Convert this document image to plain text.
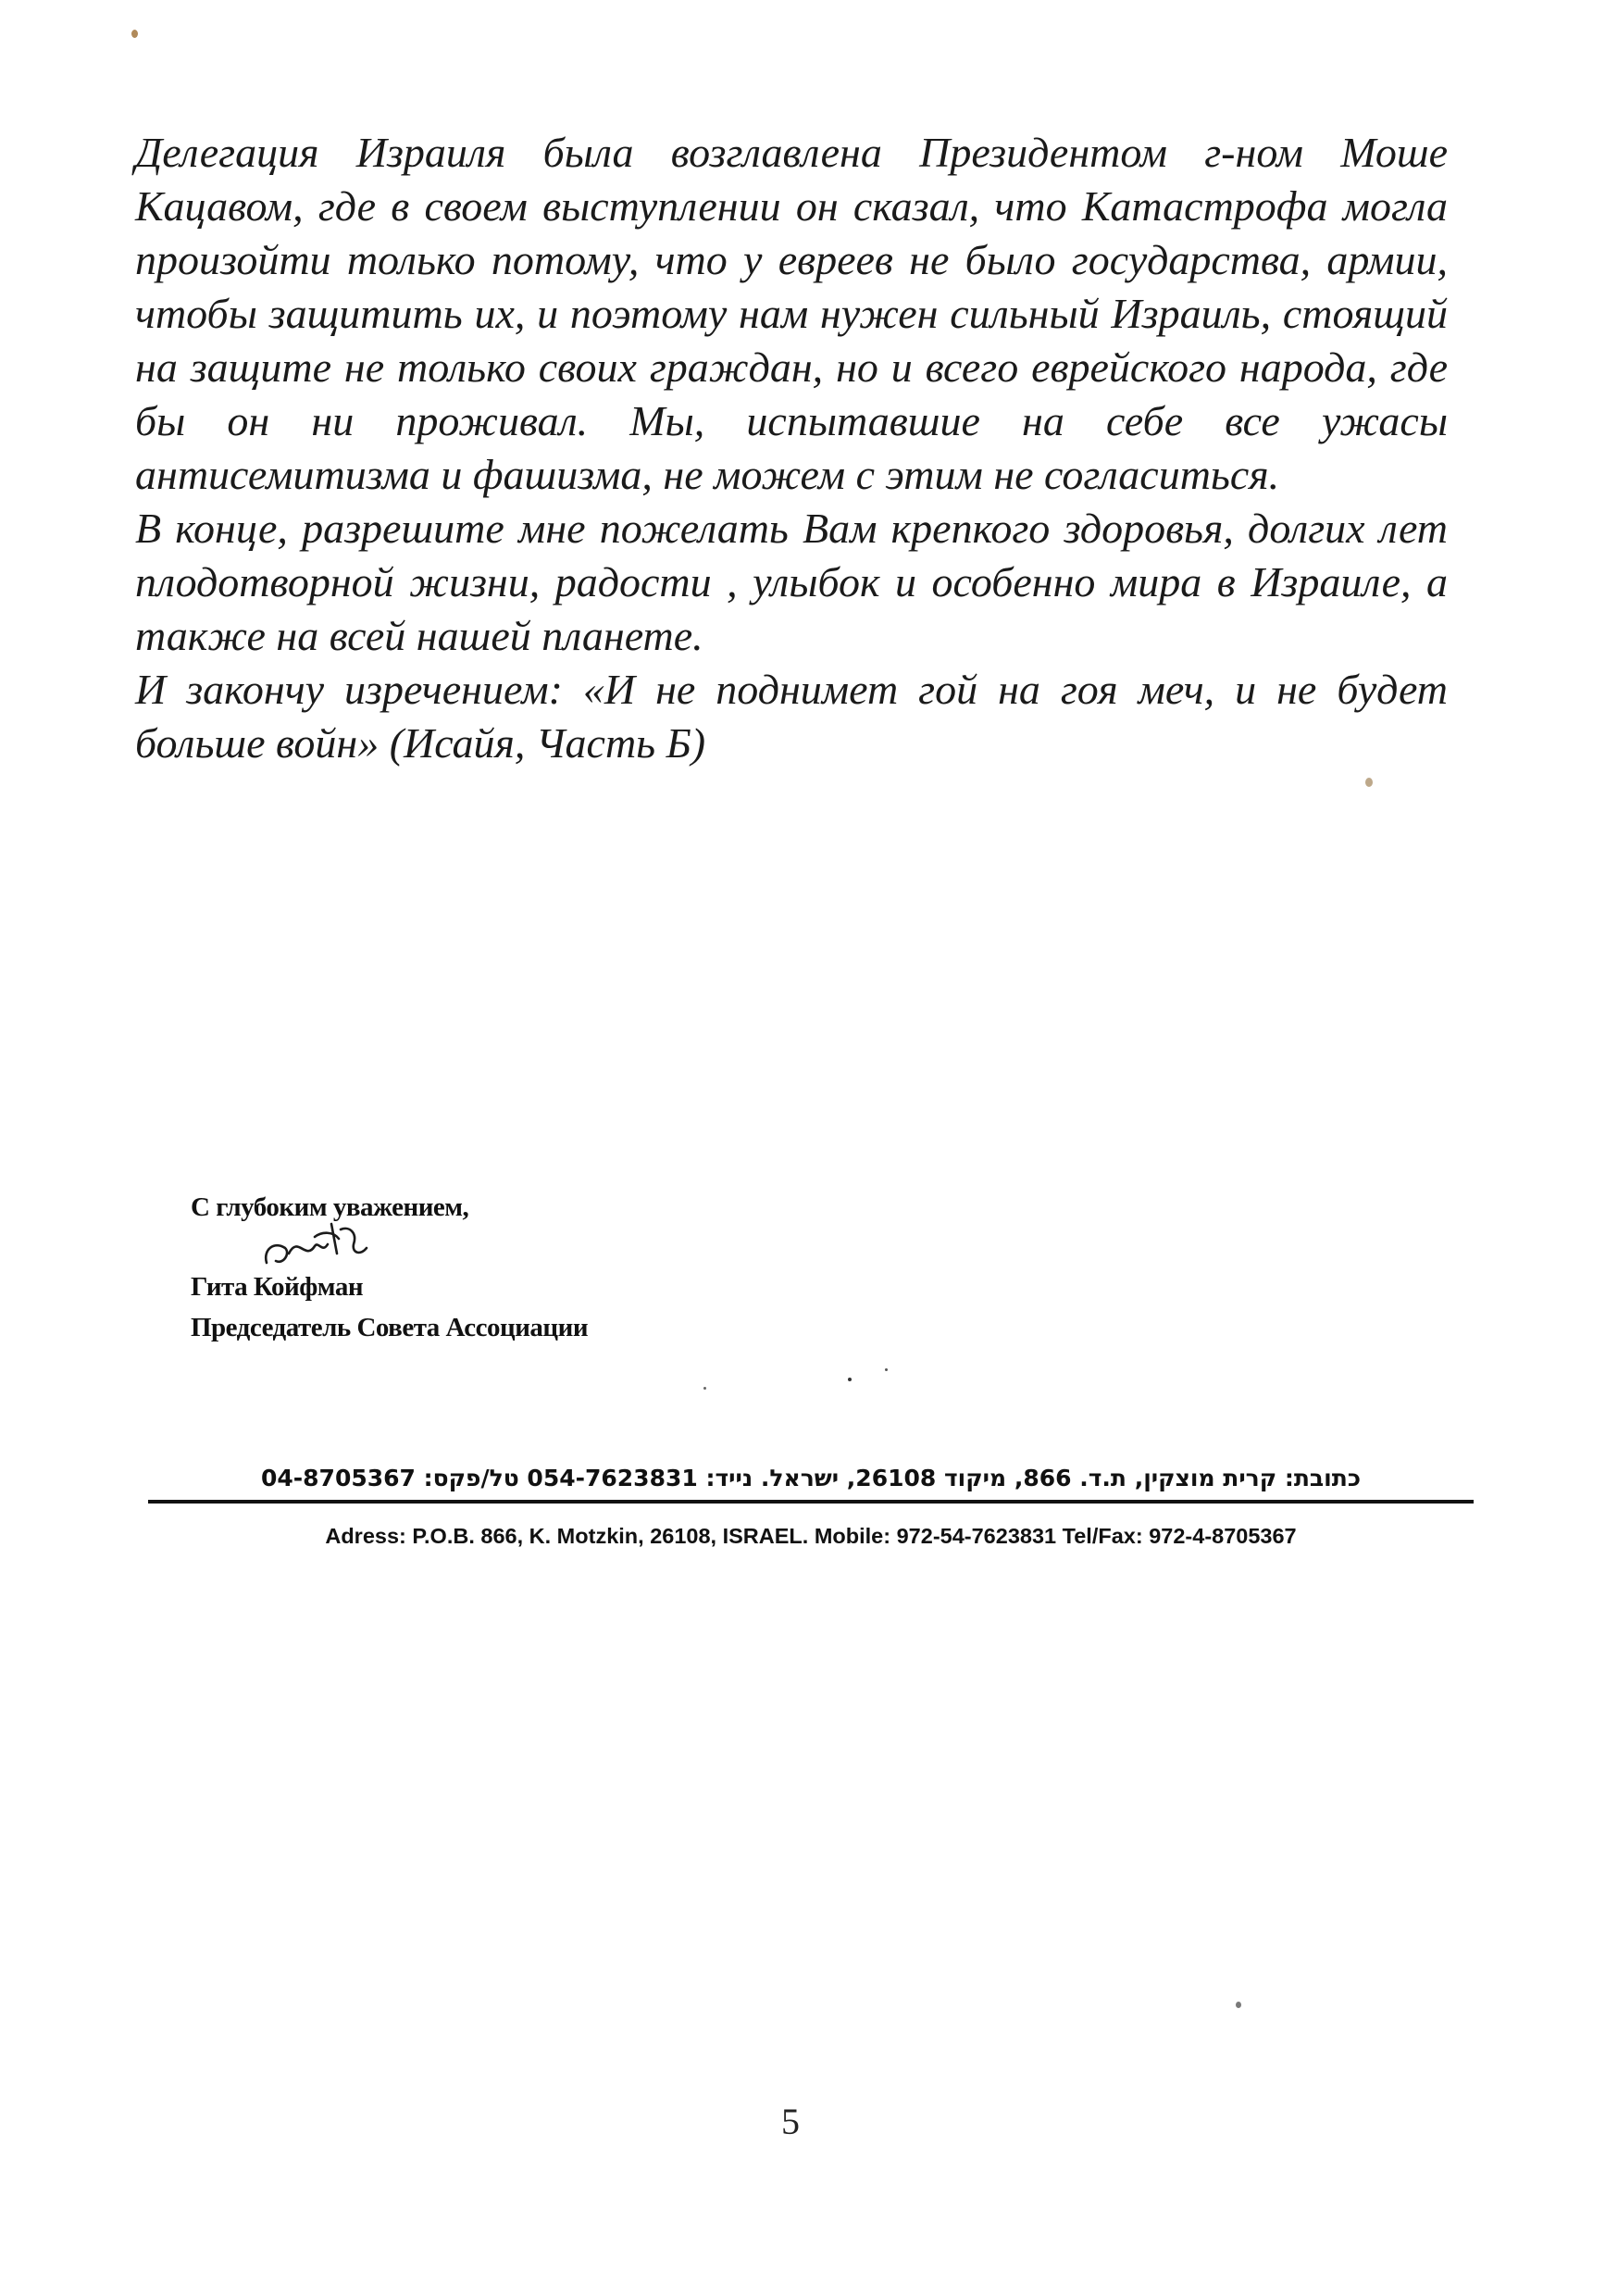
Делегация Израиля была возглавлена Президентом г-ном Моше Кацавом, где в своем выступлении он сказал, что Катастрофа могла произойти только потому, что у евреев не было государства, армии, чтобы защитить их, и поэтому нам нужен сильный Израиль, стоящий на защите не только своих граждан, но и всего еврейского народа, где бы он ни проживал. Мы, испытавшие на себе все ужасы антисемитизма и фашизма, не можем с этим не согласиться.

В конце, разрешите мне пожелать Вам крепкого здоровья, долгих лет плодотворной жизни, радости , улыбок и особенно мира в Израиле, а также на всей нашей планете.

И закончу изречением: «И не поднимет гой на гоя меч, и не будет больше войн» (Исайя, Часть Б)

С глубоким уважением,
Гита Койфман
Председатель Совета Ассоциации
כתובת: קרית מוצקין, ת.ד. 866, מיקוד 26108, ישראל. נייד: 054-7623831 טל/פקס: 04-8705367
Adress: P.O.B. 866, K. Motzkin, 26108, ISRAEL. Mobile: 972-54-7623831 Tel/Fax: 972-4-8705367
5
